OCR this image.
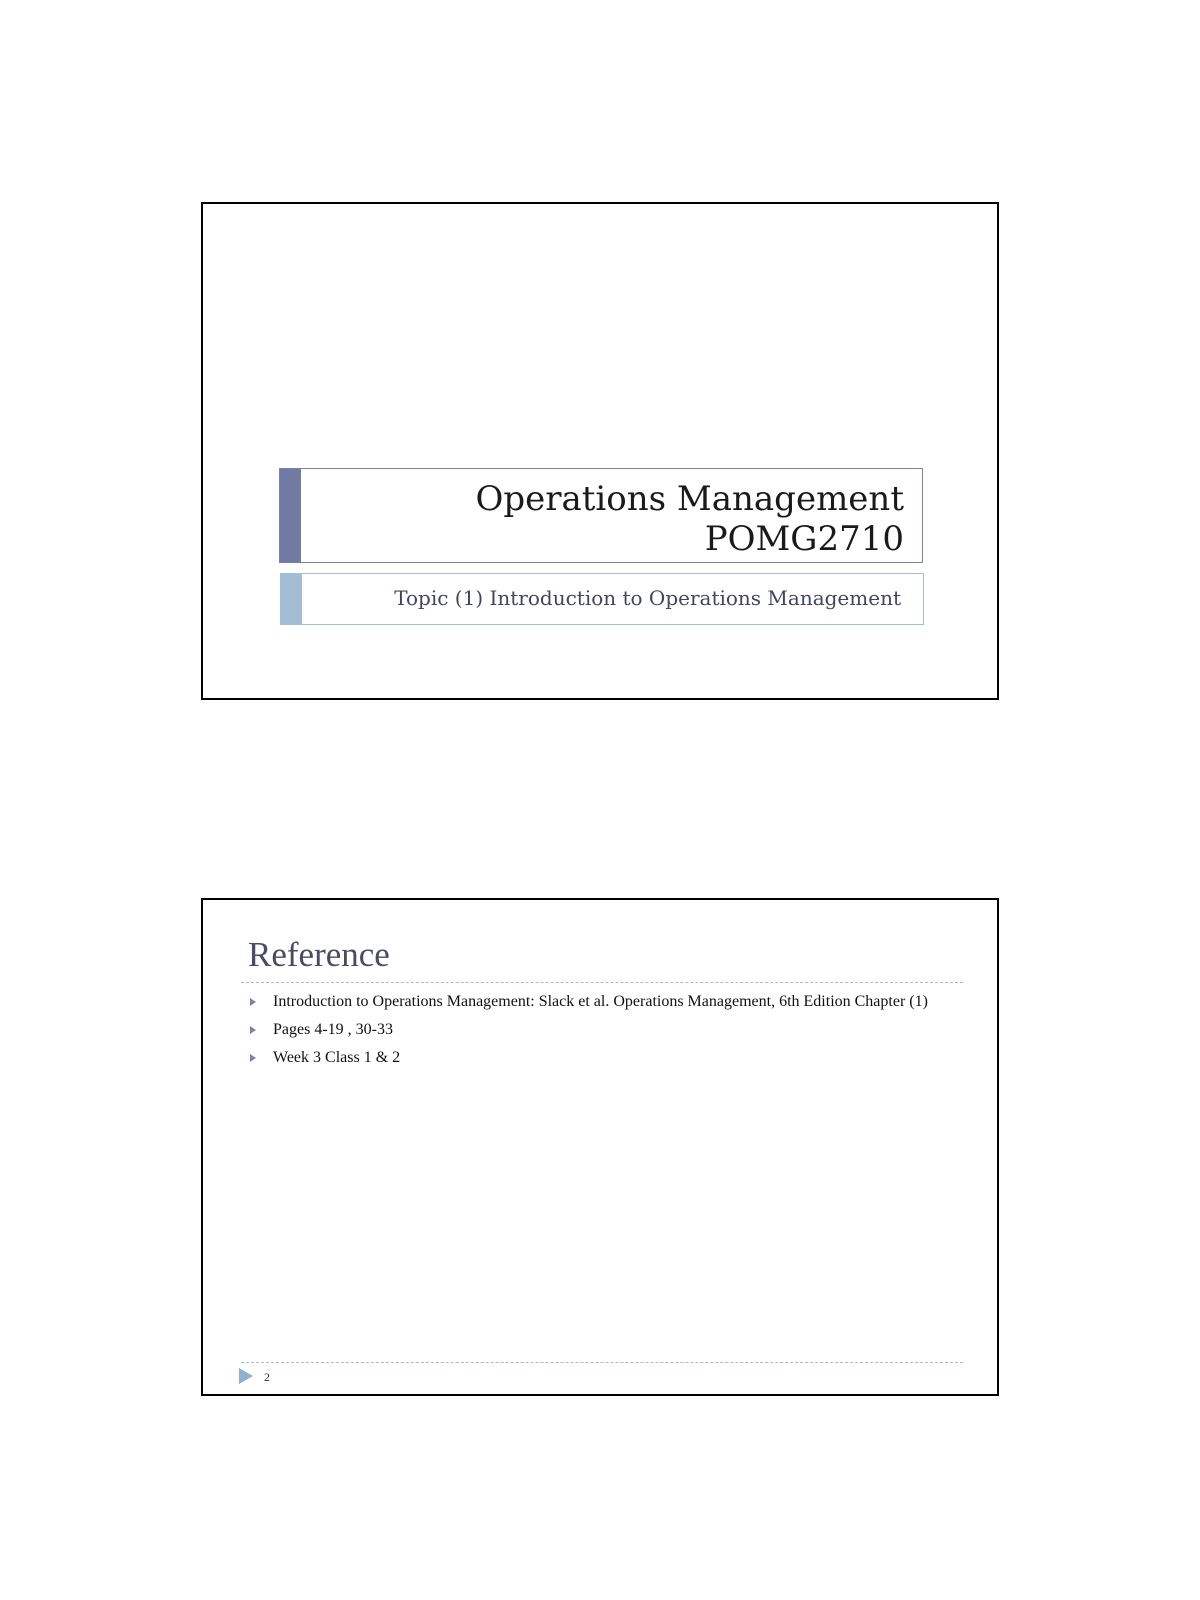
Operations Management
POMG2710
Topic (1) Introduction to Operations Management
Reference
Introduction to Operations Management: Slack et al. Operations Management, 6th Edition Chapter (1)
Pages 4-19 , 30-33
Week 3 Class 1 & 2
2
